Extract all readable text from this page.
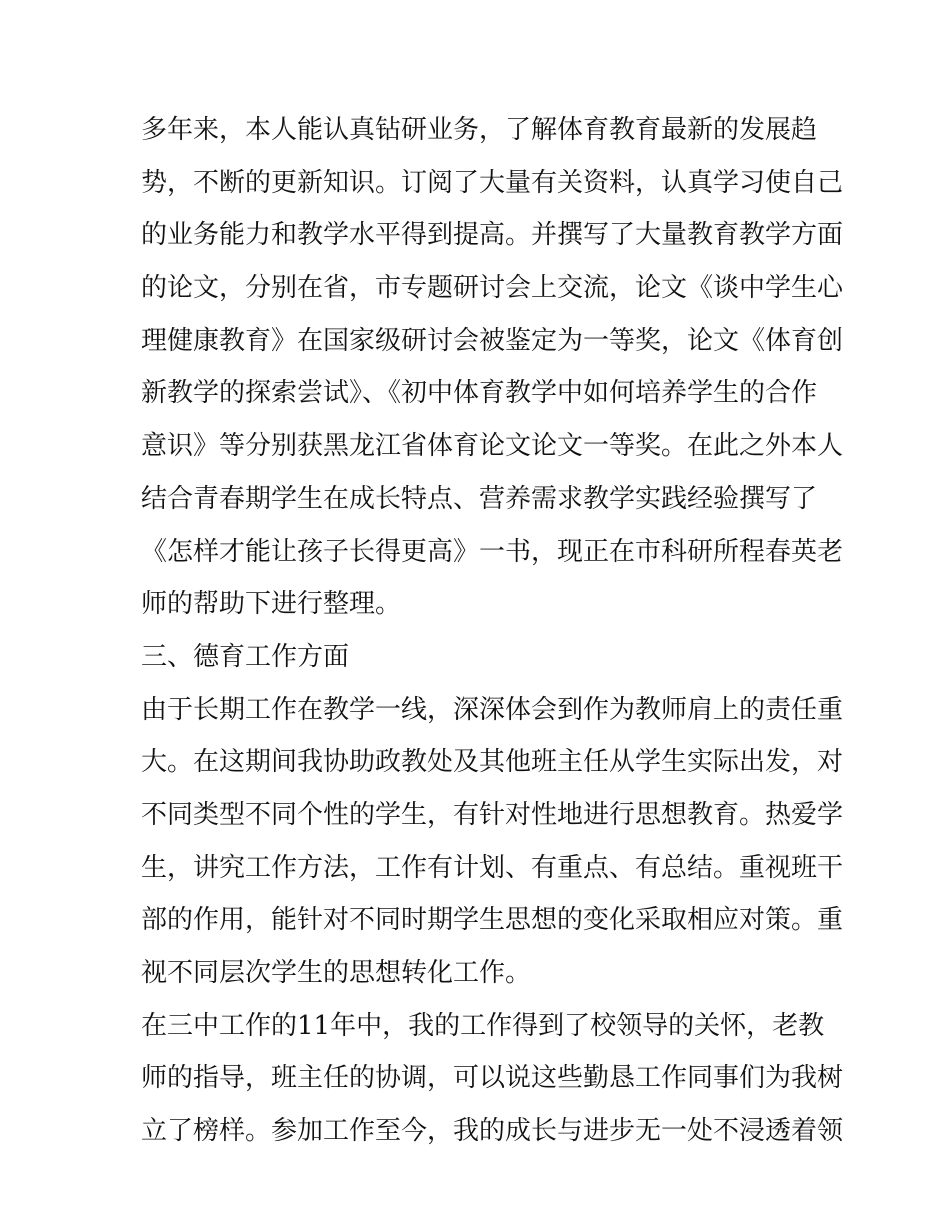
多年来，本人能认真钻研业务，了解体育教育最新的发展趋

势，不断的更新知识。订阅了大量有关资料，认真学习使自己

的业务能力和教学水平得到提高。并撰写了大量教育教学方面

的论文，分别在省，市专题研讨会上交流，论文《谈中学生心

理健康教育》在国家级研讨会被鉴定为一等奖，论文《体育创

新教学的探索尝试》、《初中体育教学中如何培养学生的合作

意识》等分别获黑龙江省体育论文论文一等奖。在此之外本人

结合青春期学生在成长特点、营养需求教学实践经验撰写了

《怎样才能让孩子长得更高》一书，现正在市科研所程春英老

师的帮助下进行整理。

三、德育工作方面

由于长期工作在教学一线，深深体会到作为教师肩上的责任重

大。在这期间我协助政教处及其他班主任从学生实际出发，对

不同类型不同个性的学生，有针对性地进行思想教育。热爱学

生，讲究工作方法，工作有计划、有重点、有总结。重视班干

部的作用，能针对不同时期学生思想的变化采取相应对策。重

视不同层次学生的思想转化工作。

在三中工作的11年中，我的工作得到了校领导的关怀，老教

师的指导，班主任的协调，可以说这些勤恳工作同事们为我树

立了榜样。参加工作至今，我的成长与进步无一处不浸透着领
